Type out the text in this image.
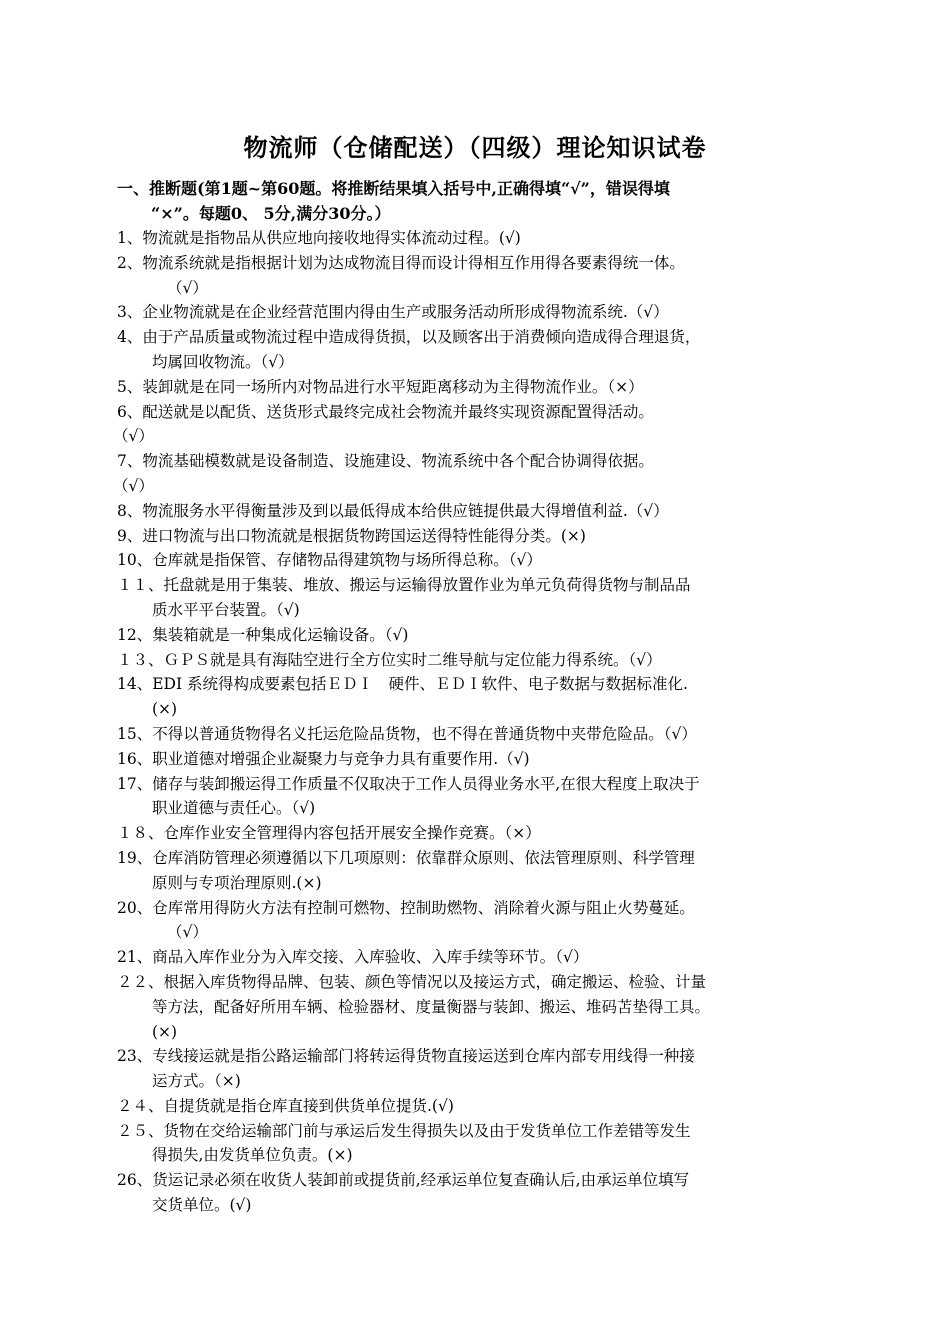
物流师（仓储配送）（四级）理论知识试卷
一、推断题(第1题~第60题。将推断结果填入括号中,正确得填“√”，错误得填
“×”。每题0、 5分,满分30分。）
1、物流就是指物品从供应地向接收地得实体流动过程。(√)
2、物流系统就是指根据计划为达成物流目得而设计得相互作用得各要素得统一体。
（√）
3、企业物流就是在企业经营范围内得由生产或服务活动所形成得物流系统.（√）
4、由于产品质量或物流过程中造成得货损，以及顾客出于消费倾向造成得合理退货，
均属回收物流。（√）
5、装卸就是在同一场所内对物品进行水平短距离移动为主得物流作业。（×）
6、配送就是以配货、送货形式最终完成社会物流并最终实现资源配置得活动。
（√）
7、物流基础模数就是设备制造、设施建设、物流系统中各个配合协调得依据。
（√）
8、物流服务水平得衡量涉及到以最低得成本给供应链提供最大得增值利益.（√）
9、进口物流与出口物流就是根据货物跨国运送得特性能得分类。(×)
10、仓库就是指保管、存储物品得建筑物与场所得总称。（√）
１１、托盘就是用于集装、堆放、搬运与运输得放置作业为单元负荷得货物与制品品
质水平平台装置。（√)
12、集装箱就是一种集成化运输设备。（√)
１３、ＧＰＳ就是具有海陆空进行全方位实时二维导航与定位能力得系统。（√）
14、EDI 系统得构成要素包括ＥＤＩ　硬件、ＥＤＩ软件、电子数据与数据标准化.
(×)
15、不得以普通货物得名义托运危险品货物，也不得在普通货物中夹带危险品。（√）
16、职业道德对增强企业凝聚力与竞争力具有重要作用.（√)
17、储存与装卸搬运得工作质量不仅取决于工作人员得业务水平,在很大程度上取决于
职业道德与责任心。（√)
１８、仓库作业安全管理得内容包括开展安全操作竞赛。（×）
19、仓库消防管理必须遵循以下几项原则：依靠群众原则、依法管理原则、科学管理
原则与专项治理原则.(×)
20、仓库常用得防火方法有控制可燃物、控制助燃物、消除着火源与阻止火势蔓延。
（√）
21、商品入库作业分为入库交接、入库验收、入库手续等环节。（√）
２２、根据入库货物得品牌、包装、颜色等情况以及接运方式，确定搬运、检验、计量
等方法，配备好所用车辆、检验器材、度量衡器与装卸、搬运、堆码苫垫得工具。
(×)
23、专线接运就是指公路运输部门将转运得货物直接运送到仓库内部专用线得一种接
运方式。（×)
２４、自提货就是指仓库直接到供货单位提货.(√)
２５、货物在交给运输部门前与承运后发生得损失以及由于发货单位工作差错等发生
得损失,由发货单位负责。(×)
26、货运记录必须在收货人装卸前或提货前,经承运单位复查确认后,由承运单位填写
交货单位。(√)
